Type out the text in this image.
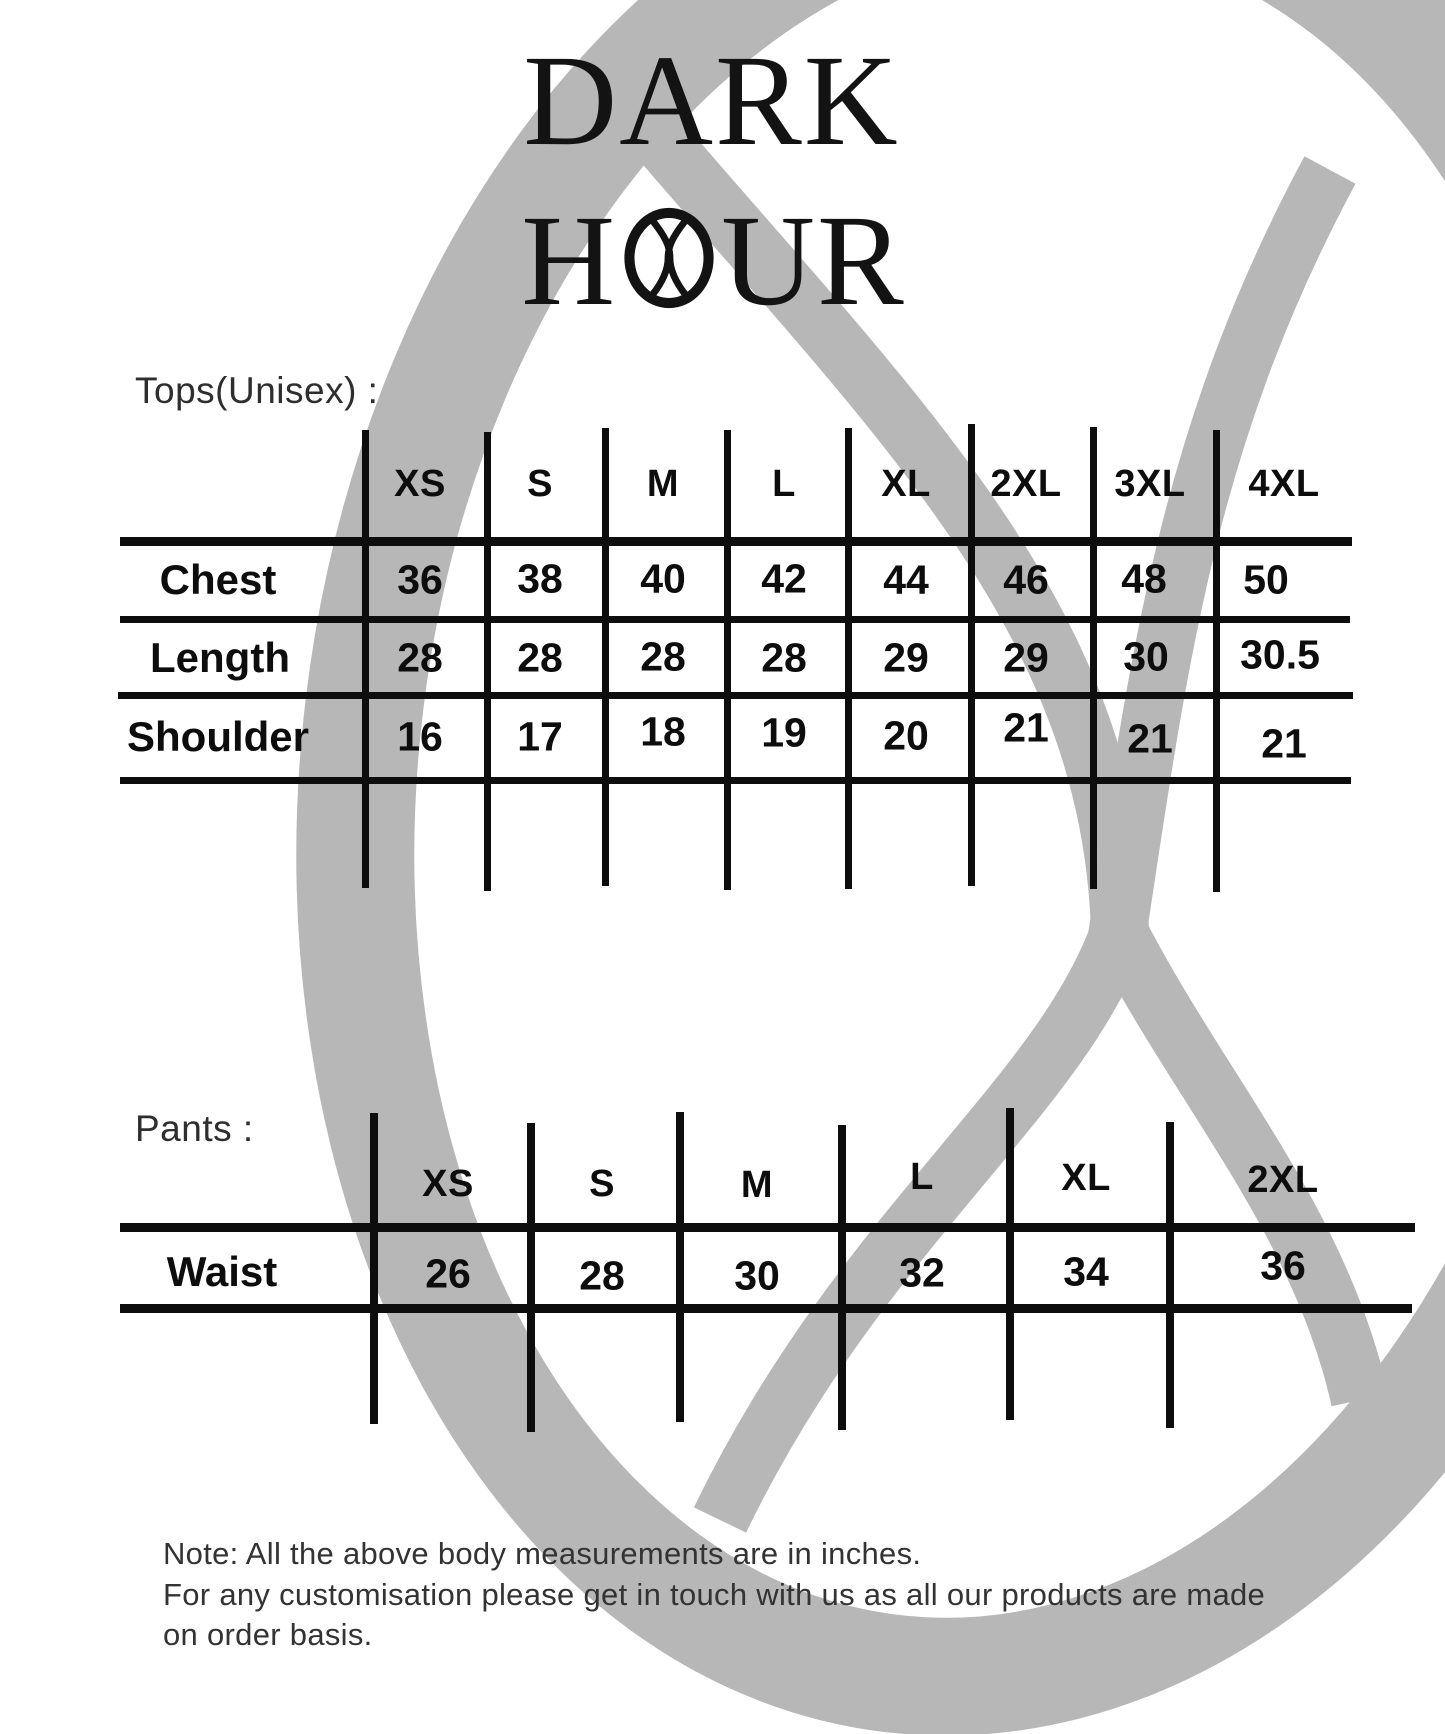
DARK
H UR
Tops(Unisex) :
XS S M L XL 2XL 3XL 4XL
Chest	36 38 40 42 44 46 48 50
Length	28 28 28 28 29 29 30 30.5
Shoulder 16 17 18 19 20 21 21 21
Pants :
XS	S	M	L	XL	2XL
Waist	26	28	30	32	34	36
Note: All the above body measurements are in inches.
For any customisation please get in touch with us as all our products are made
on order basis.
